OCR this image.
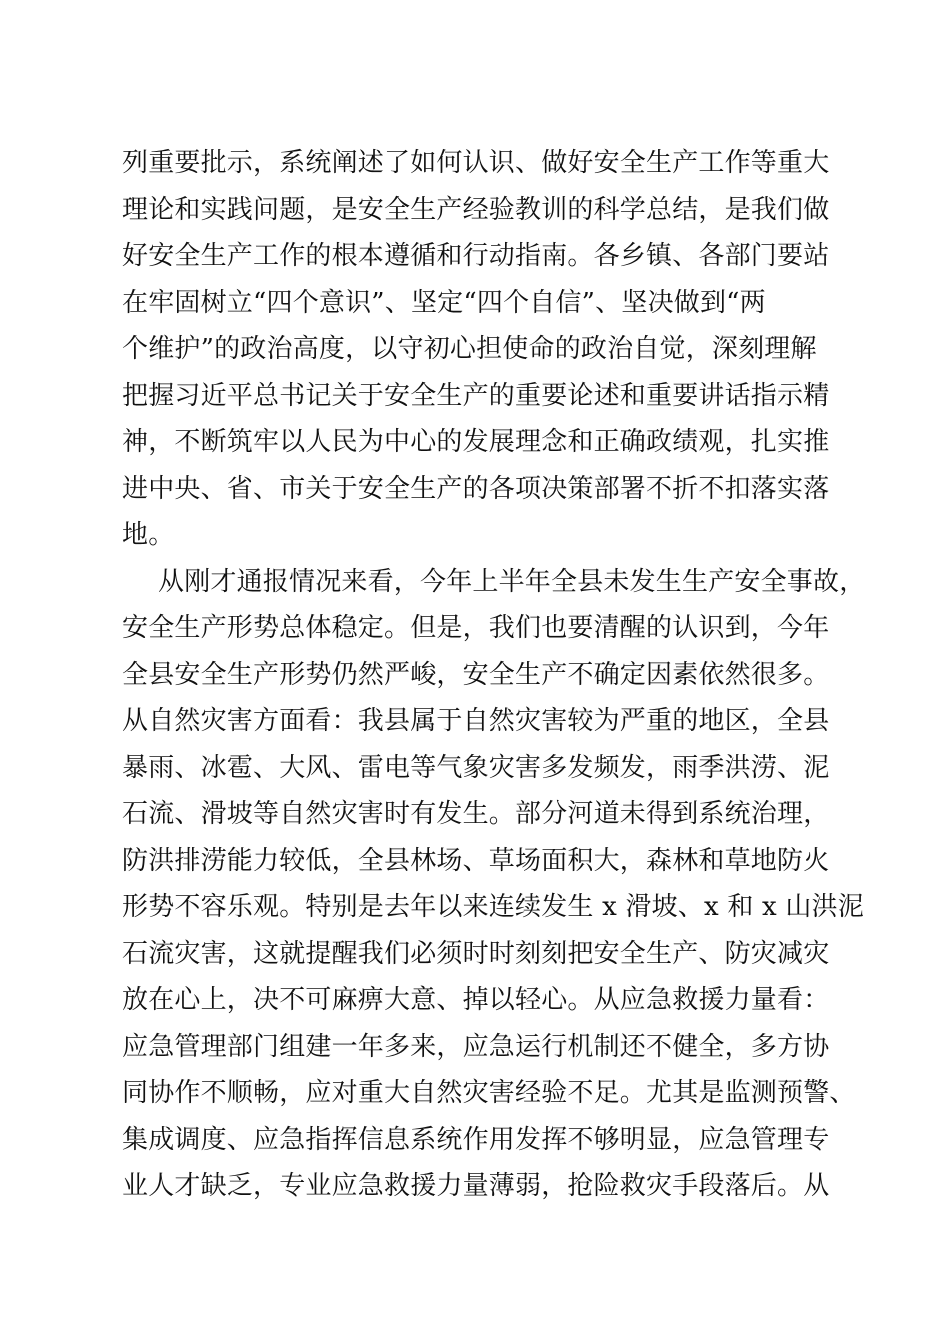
列重要批示，系统阐述了如何认识、做好安全生产工作等重大
理论和实践问题，是安全生产经验教训的科学总结，是我们做
好安全生产工作的根本遵循和行动指南。各乡镇、各部门要站
在牢固树立“四个意识”、坚定“四个自信”、坚决做到“两
个维护”的政治高度，以守初心担使命的政治自觉，深刻理解
把握习近平总书记关于安全生产的重要论述和重要讲话指示精
神，不断筑牢以人民为中心的发展理念和正确政绩观，扎实推
进中央、省、市关于安全生产的各项决策部署不折不扣落实落
地。
从刚才通报情况来看，今年上半年全县未发生生产安全事故，
安全生产形势总体稳定。但是，我们也要清醒的认识到，今年
全县安全生产形势仍然严峻，安全生产不确定因素依然很多。
从自然灾害方面看：我县属于自然灾害较为严重的地区，全县
暴雨、冰雹、大风、雷电等气象灾害多发频发，雨季洪涝、泥
石流、滑坡等自然灾害时有发生。部分河道未得到系统治理，
防洪排涝能力较低，全县林场、草场面积大，森林和草地防火
形势不容乐观。特别是去年以来连续发生 x 滑坡、x 和 x 山洪泥
石流灾害，这就提醒我们必须时时刻刻把安全生产、防灾减灾
放在心上，决不可麻痹大意、掉以轻心。从应急救援力量看：
应急管理部门组建一年多来，应急运行机制还不健全，多方协
同协作不顺畅，应对重大自然灾害经验不足。尤其是监测预警、
集成调度、应急指挥信息系统作用发挥不够明显，应急管理专
业人才缺乏，专业应急救援力量薄弱，抢险救灾手段落后。从
